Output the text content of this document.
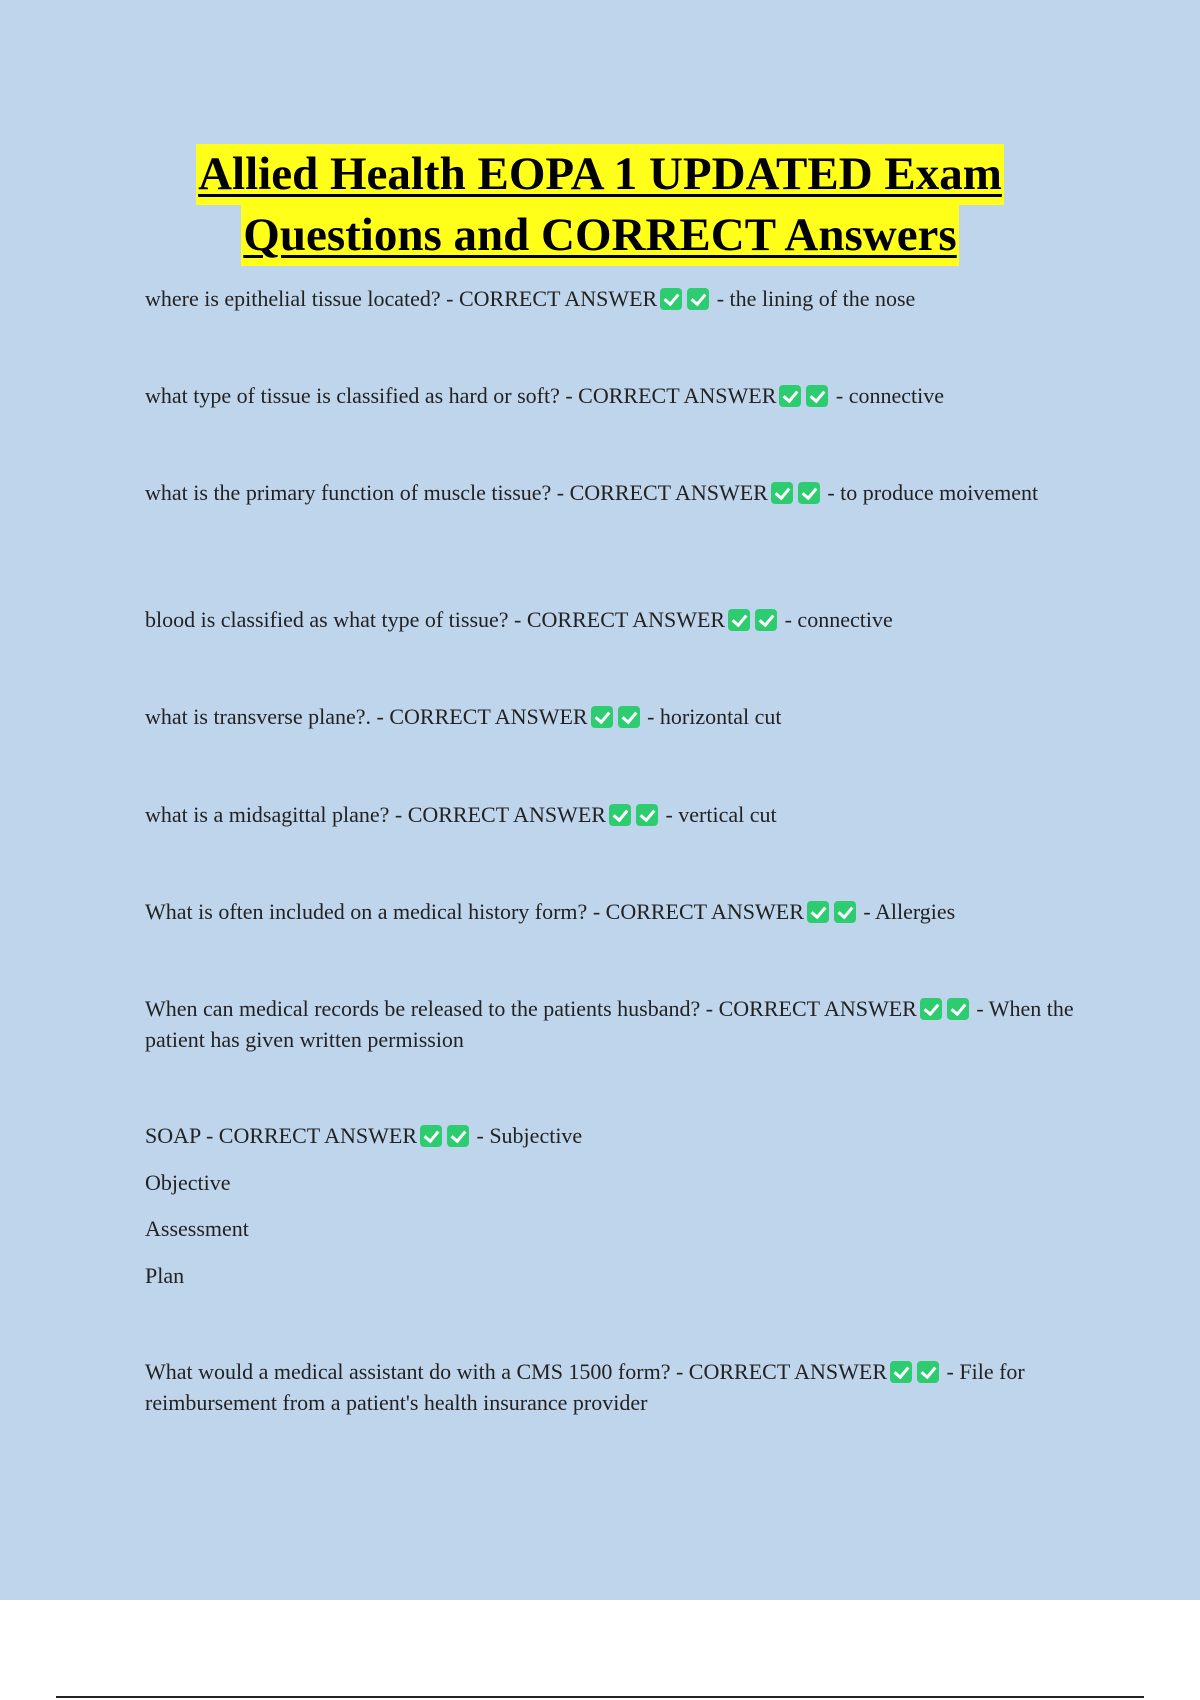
Allied Health EOPA 1 UPDATED Exam
Questions and CORRECT Answers

where is epithelial tissue located? - CORRECT ANSWER	- the lining of the nose

what type of tissue is classified as hard or soft? - CORRECT ANSWER	- connective

what is the primary function of muscle tissue? - CORRECT ANSWER	- to produce moivement

blood is classified as what type of tissue? - CORRECT ANSWER	- connective

what is transverse plane?. - CORRECT ANSWER	- horizontal cut

what is a midsagittal plane? - CORRECT ANSWER	- vertical cut

What is often included on a medical history form? - CORRECT ANSWER	- Allergies

When can medical records be released to the patients husband? - CORRECT ANSWER	- When the patient has given written permission

SOAP - CORRECT ANSWER	- Subjective

Objective
Assessment
Plan

What would a medical assistant do with a CMS 1500 form? - CORRECT ANSWER	- File for reimbursement from a patient's health insurance provider
